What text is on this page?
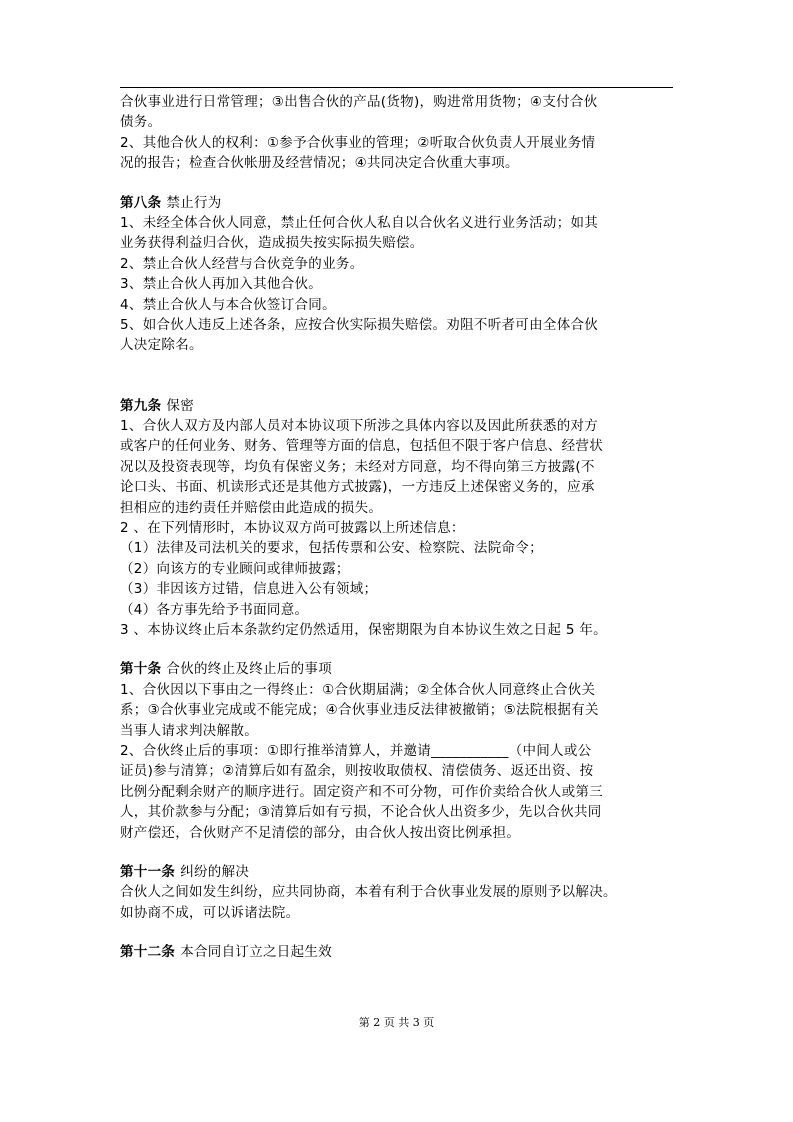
合伙事业进行日常管理；③出售合伙的产品(货物)，购进常用货物；④支付合伙
债务。
2、其他合伙人的权利：①参予合伙事业的管理；②听取合伙负责人开展业务情
况的报告；检查合伙帐册及经营情况；④共同决定合伙重大事项。
第八条 禁止行为
1、未经全体合伙人同意，禁止任何合伙人私自以合伙名义进行业务活动；如其
业务获得利益归合伙，造成损失按实际损失赔偿。
2、禁止合伙人经营与合伙竞争的业务。
3、禁止合伙人再加入其他合伙。
4、禁止合伙人与本合伙签订合同。
5、如合伙人违反上述各条，应按合伙实际损失赔偿。劝阻不听者可由全体合伙
人决定除名。
第九条 保密
1、合伙人双方及内部人员对本协议项下所涉之具体内容以及因此所获悉的对方
或客户的任何业务、财务、管理等方面的信息，包括但不限于客户信息、经营状
况以及投资表现等，均负有保密义务；未经对方同意，均不得向第三方披露(不
论口头、书面、机读形式还是其他方式披露)，一方违反上述保密义务的，应承
担相应的违约责任并赔偿由此造成的损失。
2 、在下列情形时，本协议双方尚可披露以上所述信息：
（1）法律及司法机关的要求，包括传票和公安、检察院、法院命令；
（2）向该方的专业顾问或律师披露；
（3）非因该方过错，信息进入公有领域；
（4）各方事先给予书面同意。
3 、本协议终止后本条款约定仍然适用，保密期限为自本协议生效之日起 5 年。
第十条 合伙的终止及终止后的事项
1、合伙因以下事由之一得终止：①合伙期届满；②全体合伙人同意终止合伙关
系；③合伙事业完成或不能完成；④合伙事业违反法律被撤销；⑤法院根据有关
当事人请求判决解散。
2、合伙终止后的事项：①即行推举清算人，并邀请___________（中间人或公
证员)参与清算；②清算后如有盈余，则按收取债权、清偿债务、返还出资、按
比例分配剩余财产的顺序进行。固定资产和不可分物，可作价卖给合伙人或第三
人，其价款参与分配；③清算后如有亏损，不论合伙人出资多少，先以合伙共同
财产偿还，合伙财产不足清偿的部分，由合伙人按出资比例承担。
第十一条 纠纷的解决
合伙人之间如发生纠纷，应共同协商，本着有利于合伙事业发展的原则予以解决。
如协商不成，可以诉诸法院。
第十二条 本合同自订立之日起生效
第 2 页 共 3 页
